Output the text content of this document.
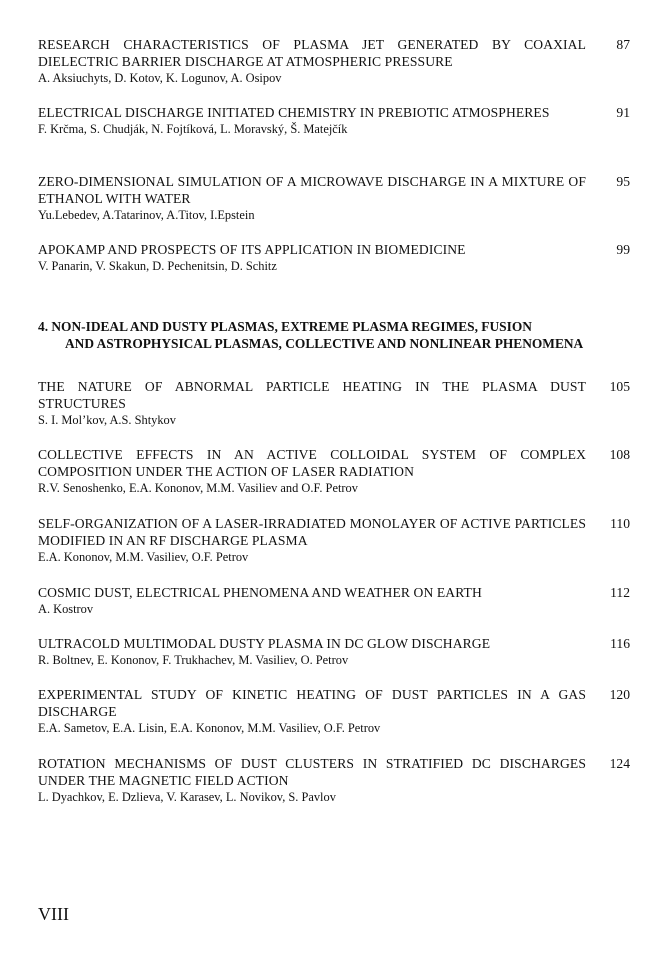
RESEARCH CHARACTERISTICS OF PLASMA JET GENERATED BY COAXIAL DIELECTRIC BARRIER DISCHARGE AT ATMOSPHERIC PRESSURE
87
A. Aksiuchyts, D. Kotov, K. Logunov, A. Osipov
ELECTRICAL DISCHARGE INITIATED CHEMISTRY IN PREBIOTIC ATMOSPHERES	91
F. Krčma, S. Chudják, N. Fojtíková, L. Moravský, Š. Matejčík
ZERO-DIMENSIONAL SIMULATION OF A MICROWAVE DISCHARGE IN A MIXTURE OF ETHANOL WITH WATER
95
Yu.Lebedev, A.Tatarinov, A.Titov, I.Epstein
APOKAMP AND PROSPECTS OF ITS APPLICATION IN BIOMEDICINE	99
V. Panarin, V. Skakun, D. Pechenitsin, D. Schitz
4. NON-IDEAL AND DUSTY PLASMAS, EXTREME PLASMA REGIMES, FUSION
AND ASTROPHYSICAL PLASMAS, COLLECTIVE AND NONLINEAR PHENOMENA
THE NATURE OF ABNORMAL PARTICLE HEATING IN THE PLASMA DUST STRUCTURES
105
S. I. Mol’kov, A.S. Shtykov
COLLECTIVE EFFECTS IN AN ACTIVE COLLOIDAL SYSTEM OF COMPLEX COMPOSITION UNDER THE ACTION OF LASER RADIATION
108
R.V. Senoshenko, E.A. Kononov, M.M. Vasiliev and O.F. Petrov
SELF-ORGANIZATION OF A LASER-IRRADIATED MONOLAYER OF ACTIVE PARTICLES MODIFIED IN AN RF DISCHARGE PLASMA
110
E.A. Kononov, M.M. Vasiliev, O.F. Petrov
COSMIC DUST, ELECTRICAL PHENOMENA AND WEATHER ON EARTH	112
A. Kostrov
ULTRACOLD MULTIMODAL DUSTY PLASMA IN DC GLOW DISCHARGE	116
R. Boltnev, E. Kononov, F. Trukhachev, M. Vasiliev, O. Petrov
EXPERIMENTAL STUDY OF KINETIC HEATING OF DUST PARTICLES IN A GAS DISCHARGE
120
E.A. Sametov, E.A. Lisin, E.A. Kononov, M.M. Vasiliev, O.F. Petrov
ROTATION MECHANISMS OF DUST CLUSTERS IN STRATIFIED DC DISCHARGES UNDER THE MAGNETIC FIELD ACTION
124
L. Dyachkov, E. Dzlieva, V. Karasev, L. Novikov, S. Pavlov
VIII
